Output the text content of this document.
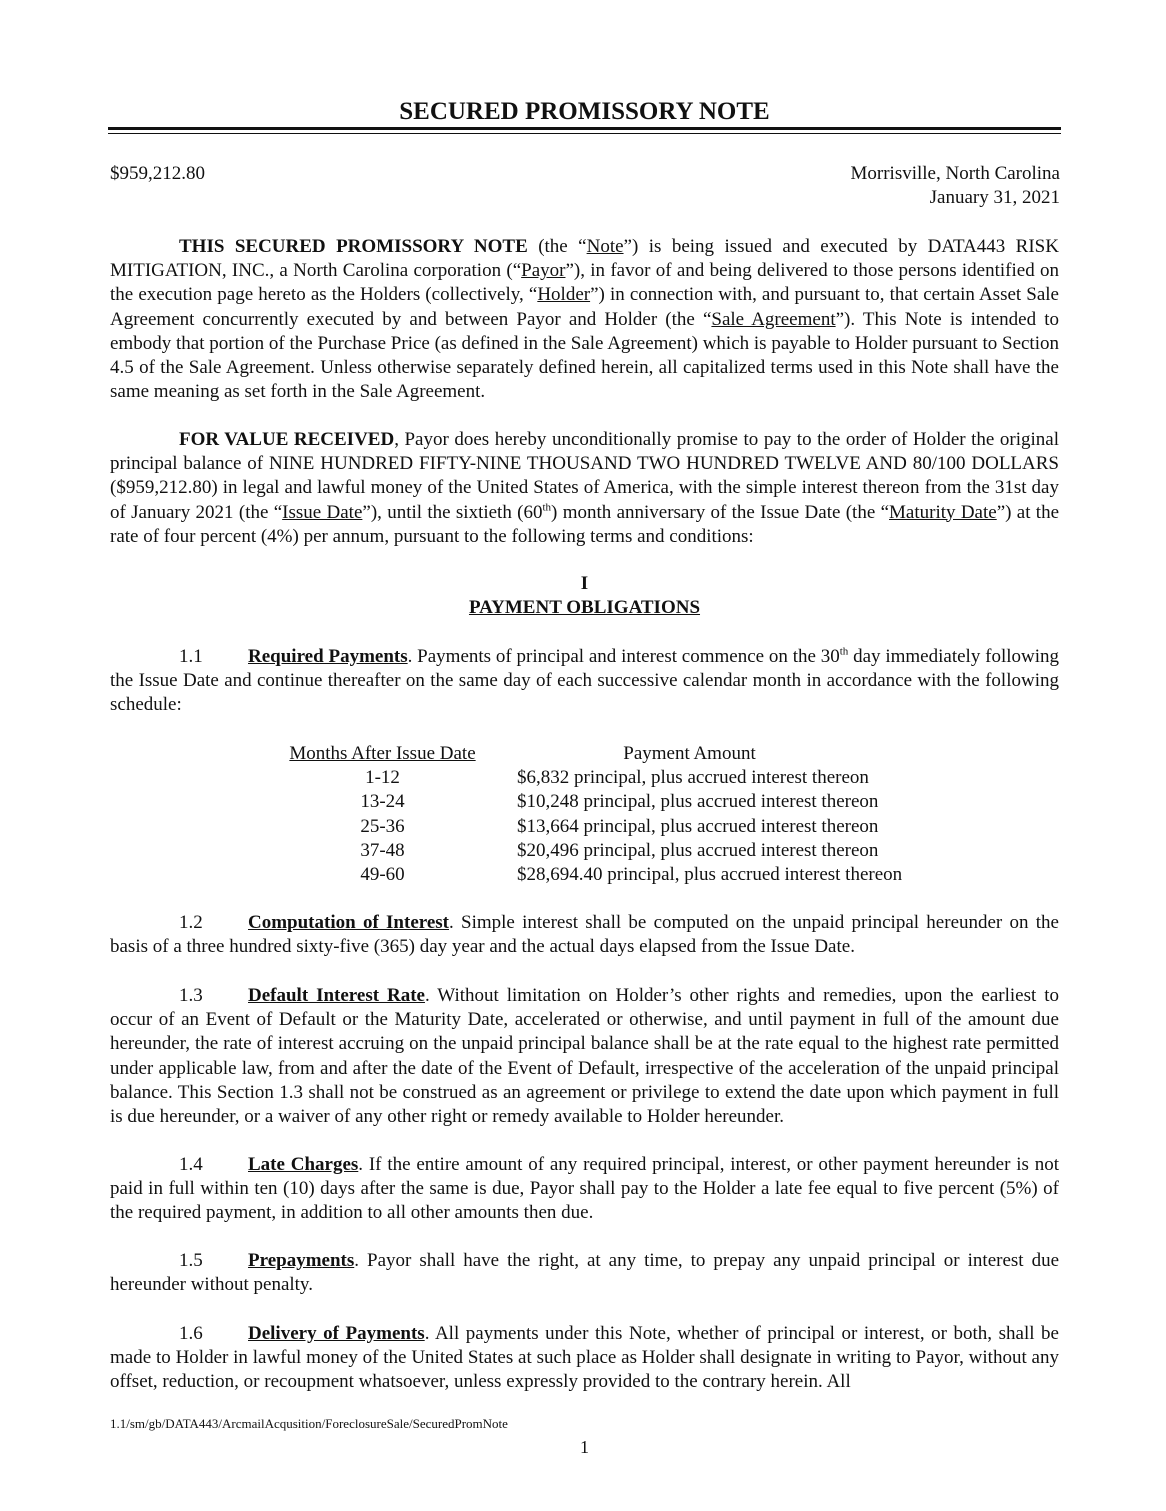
SECURED PROMISSORY NOTE
$959,212.80	Morrisville, North Carolina
January 31, 2021
THIS SECURED PROMISSORY NOTE (the “Note”) is being issued and executed by DATA443 RISK MITIGATION, INC., a North Carolina corporation (“Payor”), in favor of and being delivered to those persons identified on the execution page hereto as the Holders (collectively, “Holder”) in connection with, and pursuant to, that certain Asset Sale Agreement concurrently executed by and between Payor and Holder (the “Sale Agreement”). This Note is intended to embody that portion of the Purchase Price (as defined in the Sale Agreement) which is payable to Holder pursuant to Section 4.5 of the Sale Agreement. Unless otherwise separately defined herein, all capitalized terms used in this Note shall have the same meaning as set forth in the Sale Agreement.
FOR VALUE RECEIVED, Payor does hereby unconditionally promise to pay to the order of Holder the original principal balance of NINE HUNDRED FIFTY-NINE THOUSAND TWO HUNDRED TWELVE AND 80/100 DOLLARS ($959,212.80) in legal and lawful money of the United States of America, with the simple interest thereon from the 31st day of January 2021 (the “Issue Date”), until the sixtieth (60th) month anniversary of the Issue Date (the “Maturity Date”) at the rate of four percent (4%) per annum, pursuant to the following terms and conditions:
I
PAYMENT OBLIGATIONS
1.1 Required Payments. Payments of principal and interest commence on the 30th day immediately following the Issue Date and continue thereafter on the same day of each successive calendar month in accordance with the following schedule:
Months After Issue Date	Payment Amount
1-12	$6,832 principal, plus accrued interest thereon
13-24	$10,248 principal, plus accrued interest thereon
25-36	$13,664 principal, plus accrued interest thereon
37-48	$20,496 principal, plus accrued interest thereon
49-60	$28,694.40 principal, plus accrued interest thereon
1.2 Computation of Interest. Simple interest shall be computed on the unpaid principal hereunder on the basis of a three hundred sixty-five (365) day year and the actual days elapsed from the Issue Date.
1.3 Default Interest Rate. Without limitation on Holder’s other rights and remedies, upon the earliest to occur of an Event of Default or the Maturity Date, accelerated or otherwise, and until payment in full of the amount due hereunder, the rate of interest accruing on the unpaid principal balance shall be at the rate equal to the highest rate permitted under applicable law, from and after the date of the Event of Default, irrespective of the acceleration of the unpaid principal balance. This Section 1.3 shall not be construed as an agreement or privilege to extend the date upon which payment in full is due hereunder, or a waiver of any other right or remedy available to Holder hereunder.
1.4 Late Charges. If the entire amount of any required principal, interest, or other payment hereunder is not paid in full within ten (10) days after the same is due, Payor shall pay to the Holder a late fee equal to five percent (5%) of the required payment, in addition to all other amounts then due.
1.5 Prepayments. Payor shall have the right, at any time, to prepay any unpaid principal or interest due hereunder without penalty.
1.6 Delivery of Payments. All payments under this Note, whether of principal or interest, or both, shall be made to Holder in lawful money of the United States at such place as Holder shall designate in writing to Payor, without any offset, reduction, or recoupment whatsoever, unless expressly provided to the contrary herein. All
1.1/sm/gb/DATA443/ArcmailAcqusition/ForeclosureSale/SecuredPromNote
1
